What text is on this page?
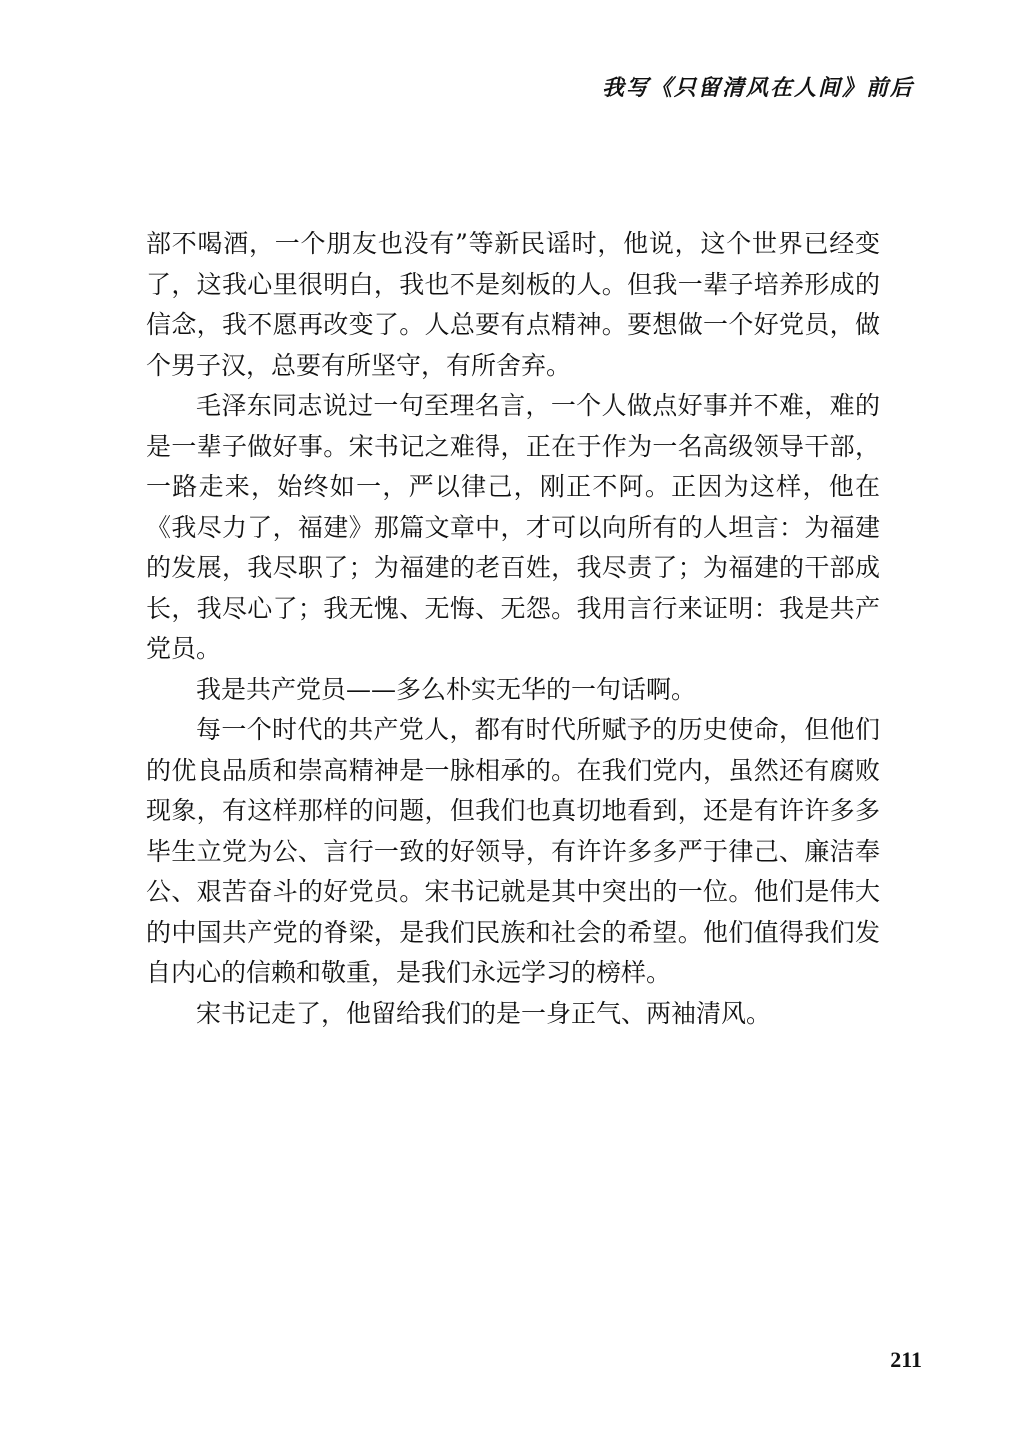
我写《只留清风在人间》前后

部不喝酒，一个朋友也没有”等新民谣时，他说，这个世界已经变了，这我心里很明白，我也不是刻板的人。但我一辈子培养形成的信念，我不愿再改变了。人总要有点精神。要想做一个好党员，做个男子汉，总要有所坚守，有所舍弃。

毛泽东同志说过一句至理名言，一个人做点好事并不难，难的是一辈子做好事。宋书记之难得，正在于作为一名高级领导干部，一路走来，始终如一，严以律己，刚正不阿。正因为这样，他在《我尽力了，福建》那篇文章中，才可以向所有的人坦言：为福建的发展，我尽职了；为福建的老百姓，我尽责了；为福建的干部成长，我尽心了；我无愧、无悔、无怨。我用言行来证明：我是共产党员。

我是共产党员——多么朴实无华的一句话啊。

每一个时代的共产党人，都有时代所赋予的历史使命，但他们的优良品质和崇高精神是一脉相承的。在我们党内，虽然还有腐败现象，有这样那样的问题，但我们也真切地看到，还是有许许多多毕生立党为公、言行一致的好领导，有许许多多严于律己、廉洁奉公、艰苦奋斗的好党员。宋书记就是其中突出的一位。他们是伟大的中国共产党的脊梁，是我们民族和社会的希望。他们值得我们发自内心的信赖和敬重，是我们永远学习的榜样。

宋书记走了，他留给我们的是一身正气、两袖清风。

211
